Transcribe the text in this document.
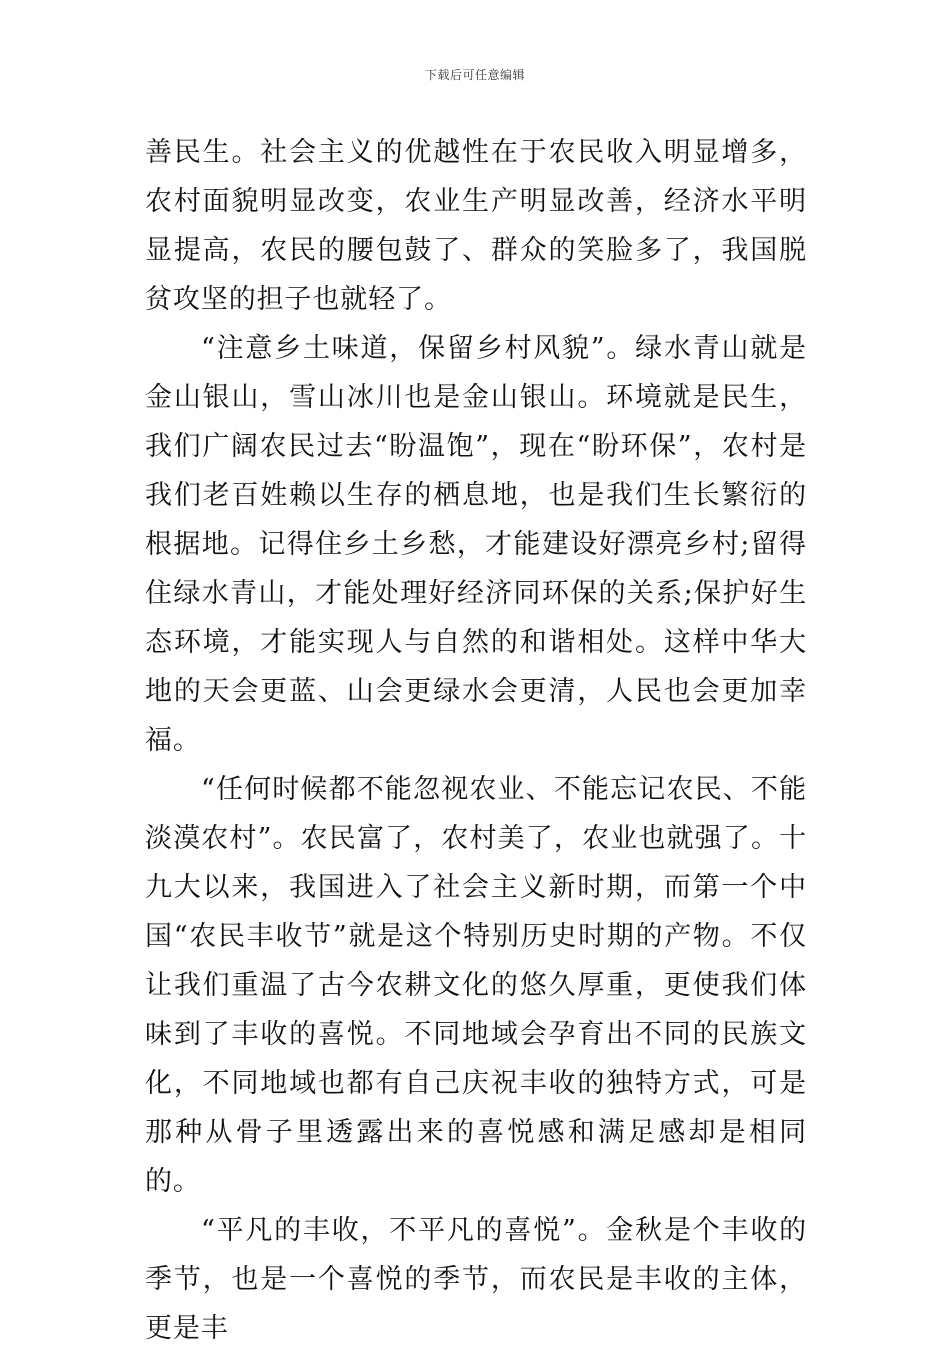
下载后可任意编辑

善民生。社会主义的优越性在于农民收入明显增多，农村面貌明显改变，农业生产明显改善，经济水平明显提高，农民的腰包鼓了、群众的笑脸多了，我国脱贫攻坚的担子也就轻了。

“注意乡土味道，保留乡村风貌”。绿水青山就是金山银山，雪山冰川也是金山银山。环境就是民生，我们广阔农民过去“盼温饱”，现在“盼环保”，农村是我们老百姓赖以生存的栖息地，也是我们生长繁衍的根据地。记得住乡土乡愁，才能建设好漂亮乡村;留得住绿水青山，才能处理好经济同环保的关系;保护好生态环境，才能实现人与自然的和谐相处。这样中华大地的天会更蓝、山会更绿水会更清，人民也会更加幸福。

“任何时候都不能忽视农业、不能忘记农民、不能淡漠农村”。农民富了，农村美了，农业也就强了。十九大以来，我国进入了社会主义新时期，而第一个中国“农民丰收节”就是这个特别历史时期的产物。不仅让我们重温了古今农耕文化的悠久厚重，更使我们体味到了丰收的喜悦。不同地域会孕育出不同的民族文化，不同地域也都有自己庆祝丰收的独特方式，可是那种从骨子里透露出来的喜悦感和满足感却是相同的。

“平凡的丰收，不平凡的喜悦”。金秋是个丰收的季节，也是一个喜悦的季节，而农民是丰收的主体，更是丰
